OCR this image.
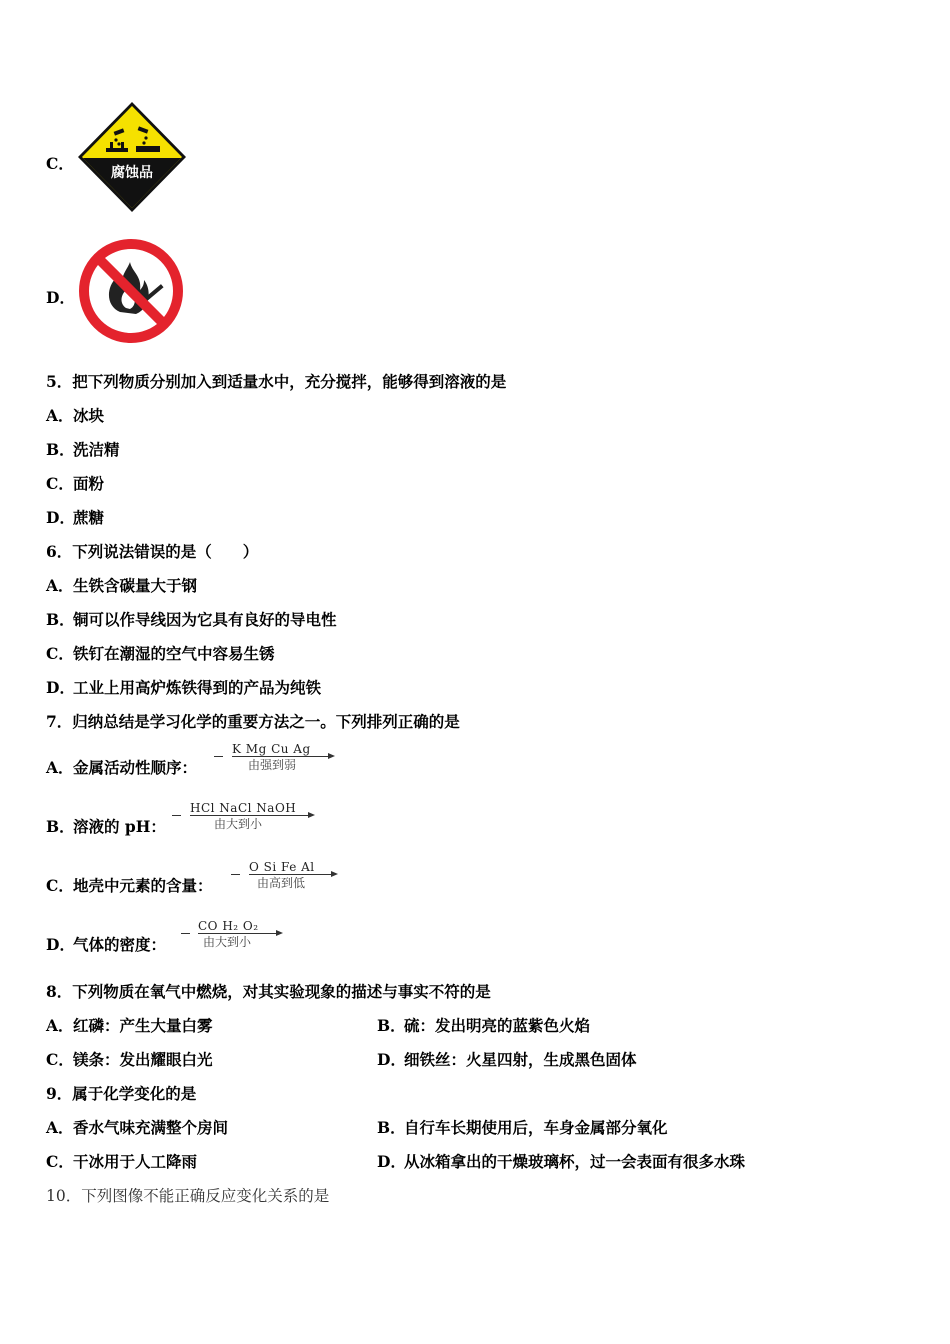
C．	腐蚀品
D．
5．把下列物质分别加入到适量水中，充分搅拌，能够得到溶液的是
A．冰块
B．洗洁精
C．面粉
D．蔗糖
6．下列说法错误的是（　　）
A．生铁含碳量大于钢
B．铜可以作导线因为它具有良好的导电性
C．铁钉在潮湿的空气中容易生锈
D．工业上用高炉炼铁得到的产品为纯铁
7．归纳总结是学习化学的重要方法之一。下列排列正确的是
A．金属活动性顺序：
K Mg Cu Ag
由强到弱
B．溶液的 pH：
HCl NaCl NaOH
由大到小
C．地壳中元素的含量：
O Si Fe Al
由高到低
D．气体的密度：
CO H₂ O₂
由大到小
8．下列物质在氧气中燃烧，对其实验现象的描述与事实不符的是
A．红磷：产生大量白雾	B．硫：发出明亮的蓝紫色火焰
C．镁条：发出耀眼白光	D．细铁丝：火星四射，生成黑色固体
9．属于化学变化的是
A．香水气味充满整个房间	B．自行车长期使用后，车身金属部分氧化
C．干冰用于人工降雨	D．从冰箱拿出的干燥玻璃杯，过一会表面有很多水珠
10．下列图像不能正确反应变化关系的是
